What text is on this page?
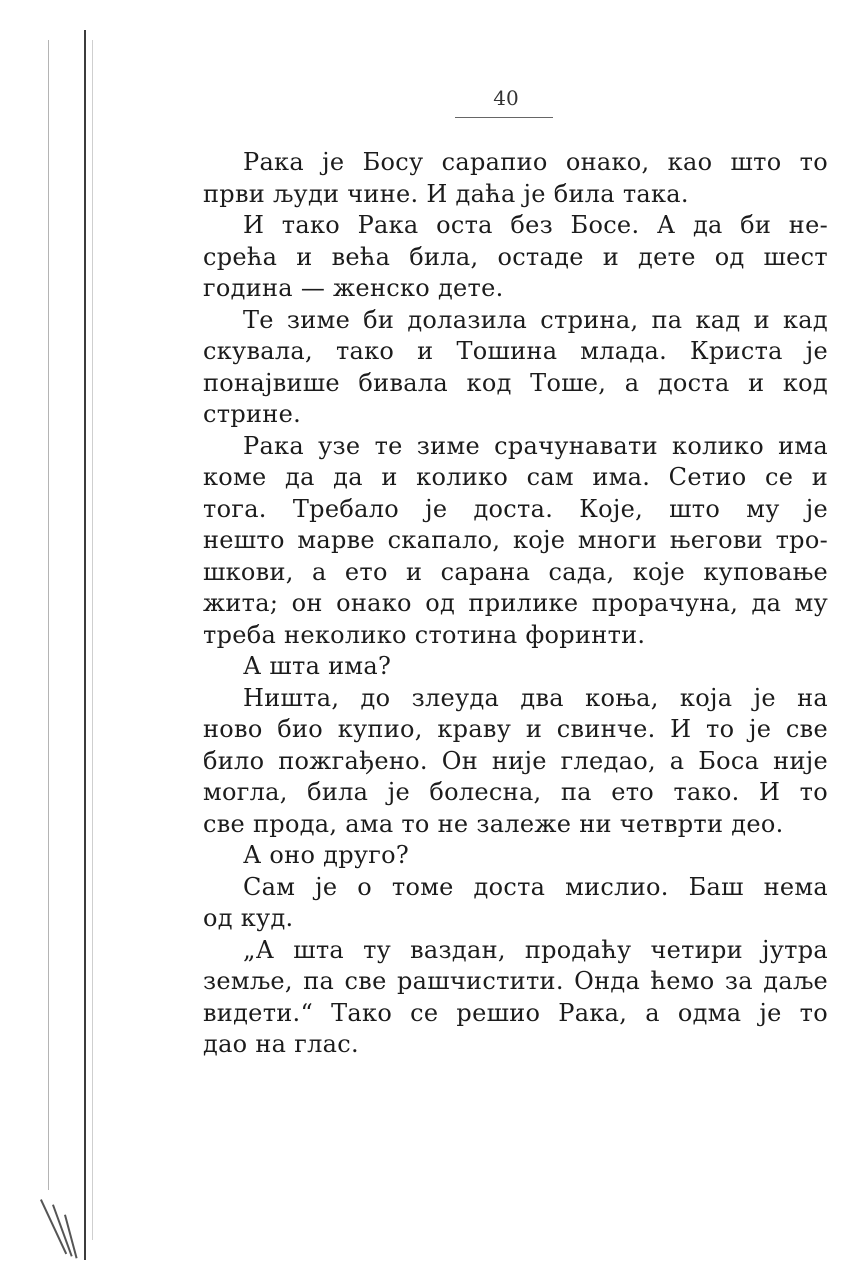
40
Рака је Босу сарапио онако, као што то
први људи чине. И даћа је била така.
И тако Рака оста без Босе. А да би не-
срећа и већа била, остаде и дете од шест
година — женско дете.
Те зиме би долазила стрина, па кад и кад
скувала, тако и Тошина млада. Криста је
понајвише бивала код Тоше, а доста и код
стрине.
Рака узе те зиме срачунавати колико има
коме да да и колико сам има. Сетио се и
тога. Требало је доста. Које, што му је
нешто марве скапало, које многи његови тро-
шкови, а ето и сарана сада, које куповање
жита; он онако од прилике прорачуна, да му
треба неколико стотина форинти.
А шта има?
Ништа, до злеуда два коња, која је на
ново био купио, краву и свинче. И то је све
било пожгађено. Он није гледао, а Боса није
могла, била је болесна, па ето тако. И то
све прода, ама то не залеже ни четврти део.
А оно друго?
Сам је о томе доста мислио. Баш нема
од куд.
„А шта ту ваздан, продаћу четири јутра
земље, па све рашчистити. Онда ћемо за даље
видети.“ Тако се решио Рака, а одма је то
дао на глас.
